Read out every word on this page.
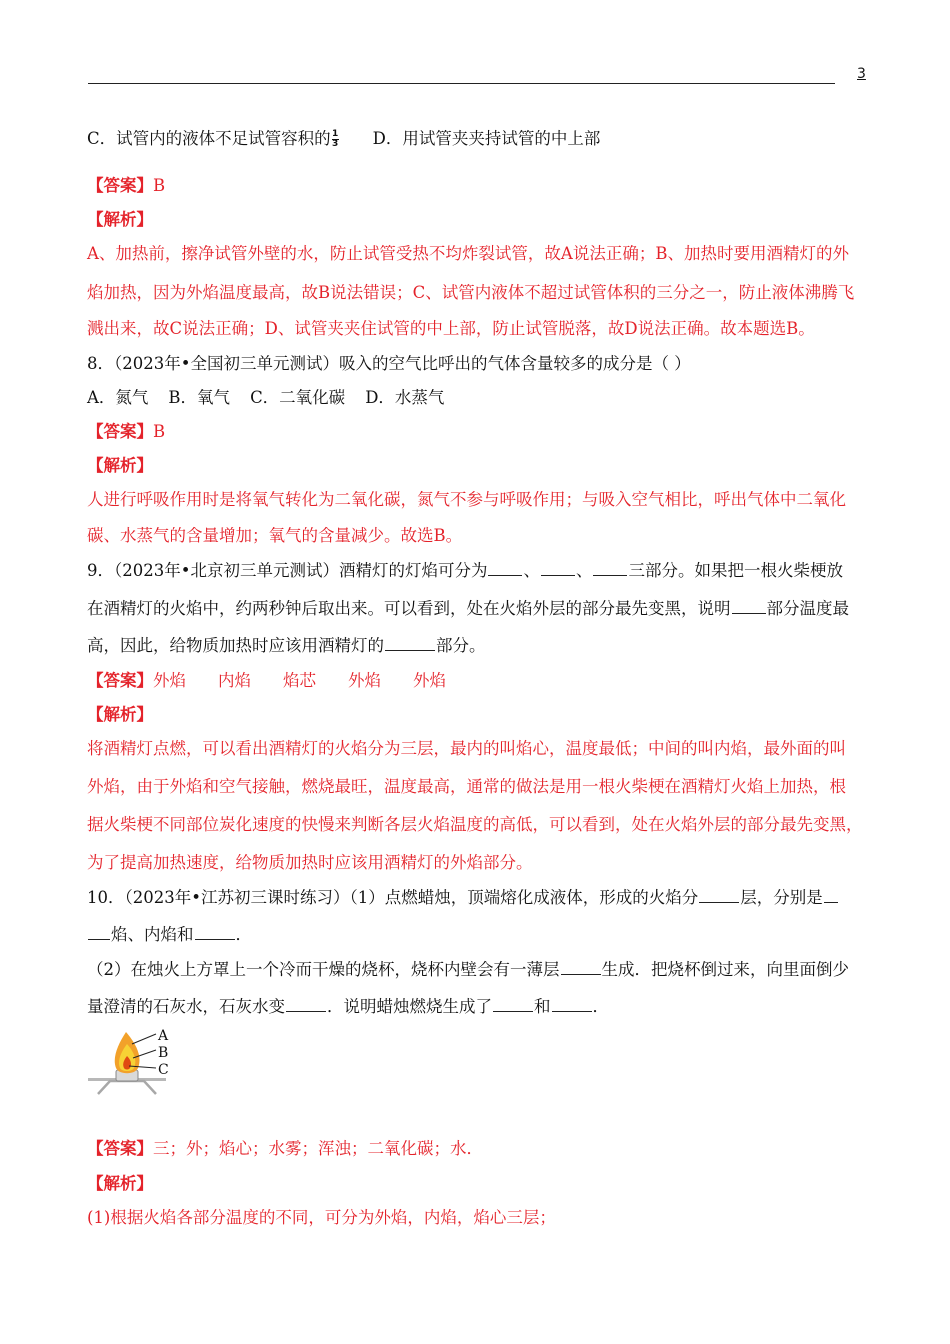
3
C．试管内的液体不足试管容积的 $\frac{1}{3}$ D．用试管夹夹持试管的中上部
【答案】B
【解析】
A、加热前，擦净试管外壁的水，防止试管受热不均炸裂试管，故A说法正确；B、加热时要用酒精灯的外
焰加热，因为外焰温度最高，故B说法错误；C、试管内液体不超过试管体积的三分之一，防止液体沸腾飞
溅出来，故C说法正确；D、试管夹夹住试管的中上部，防止试管脱落，故D说法正确。故本题选B。
8．（2023年•全国初三单元测试）吸入的空气比呼出的气体含量较多的成分是（ ）
A．氮气 B．氧气 C．二氧化碳 D．水蒸气
【答案】B
【解析】
人进行呼吸作用时是将氧气转化为二氧化碳，氮气不参与呼吸作用；与吸入空气相比，呼出气体中二氧化
碳、水蒸气的含量增加；氧气的含量减少。故选B。
9．（2023年•北京初三单元测试）酒精灯的灯焰可分为 、 、 三部分。如果把一根火柴梗放
在酒精灯的火焰中，约两秒钟后取出来。可以看到，处在火焰外层的部分最先变黑，说明 部分温度最
高，因此，给物质加热时应该用酒精灯的	部分。
【答案】外焰 内焰 焰芯 外焰 外焰
【解析】
将酒精灯点燃，可以看出酒精灯的火焰分为三层，最内的叫焰心，温度最低；中间的叫内焰，最外面的叫
外焰，由于外焰和空气接触，燃烧最旺，温度最高，通常的做法是用一根火柴梗在酒精灯火焰上加热，根
据火柴梗不同部位炭化速度的快慢来判断各层火焰温度的高低，可以看到，处在火焰外层的部分最先变黑，
为了提高加热速度，给物质加热时应该用酒精灯的外焰部分。
10．（2023年•江苏初三课时练习）（1）点燃蜡烛，顶端熔化成液体，形成的火焰分	层，分别是
焰、内焰和	．
（2）在烛火上方罩上一个冷而干燥的烧杯，烧杯内壁会有一薄层	生成．把烧杯倒过来，向里面倒少
量澄清的石灰水，石灰水变	．说明蜡烛燃烧生成了	和	．
A
B
C
【答案】三；外；焰心；水雾；浑浊；二氧化碳；水．
【解析】
(1)根据火焰各部分温度的不同，可分为外焰，内焰，焰心三层；
